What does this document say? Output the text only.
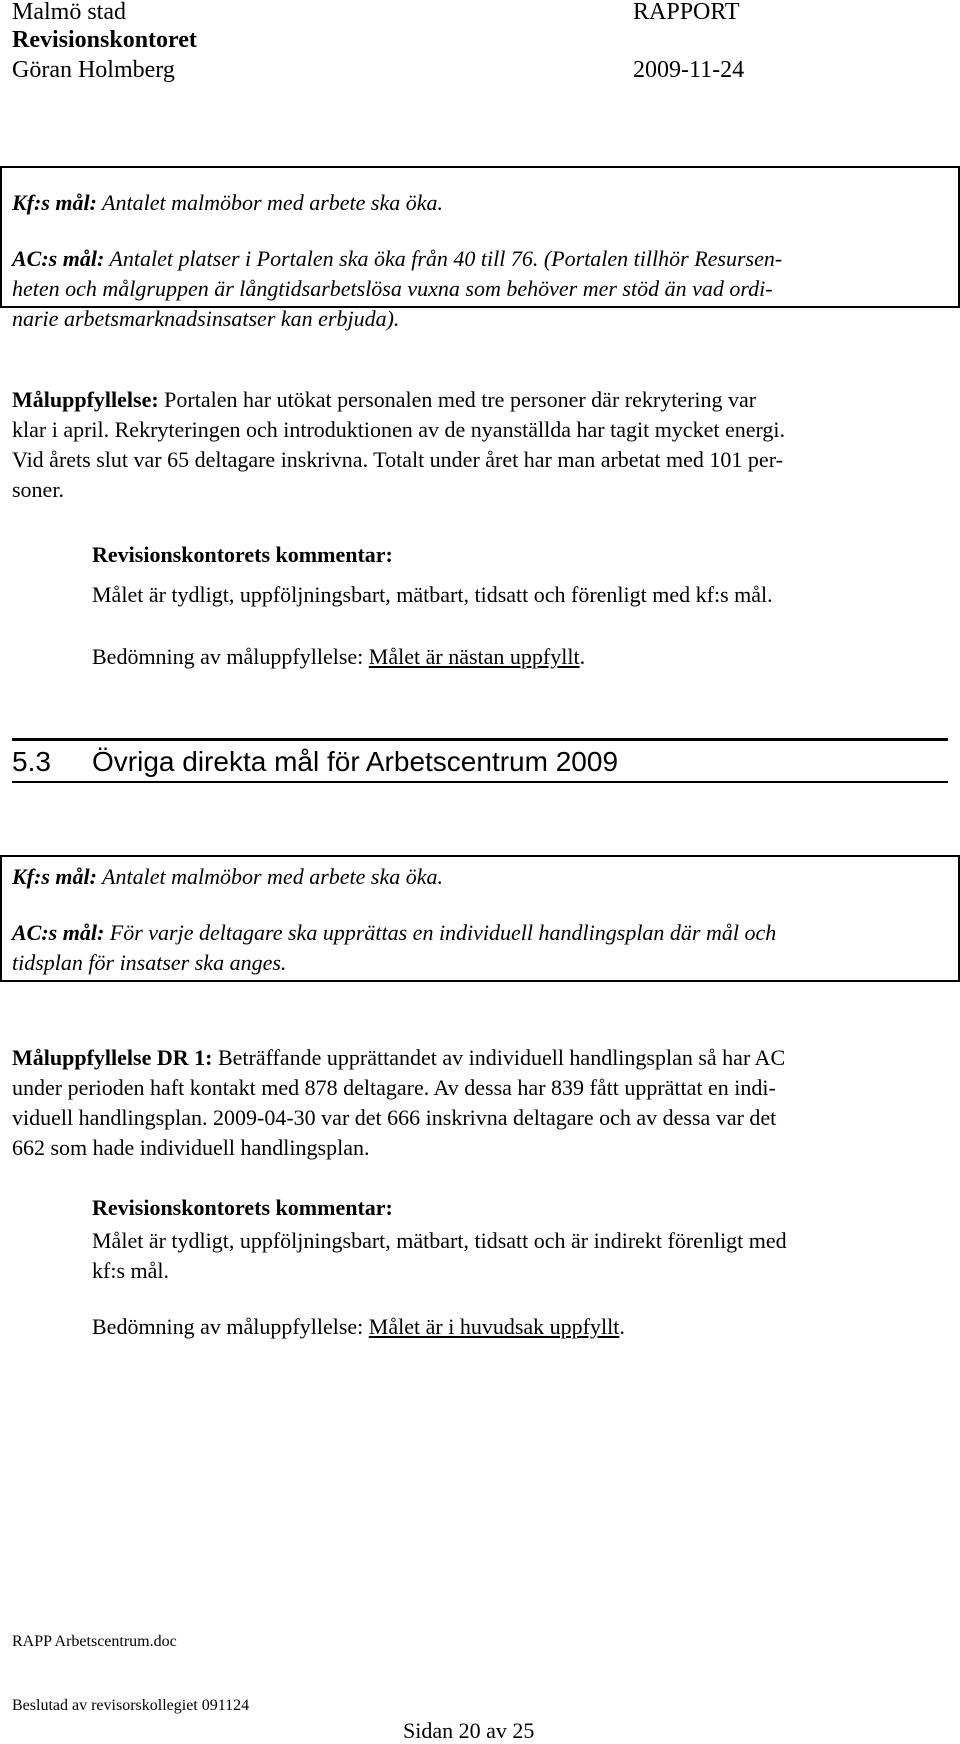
Malmö stad	RAPPORT
Revisionskontoret
Göran Holmberg	2009-11-24
Kf:s mål: Antalet malmöbor med arbete ska öka.
AC:s mål: Antalet platser i Portalen ska öka från 40 till 76. (Portalen tillhör Resursen-
heten och målgruppen är långtidsarbetslösa vuxna som behöver mer stöd än vad ordi-
narie arbetsmarknadsinsatser kan erbjuda).
Måluppfyllelse: Portalen har utökat personalen med tre personer där rekrytering var
klar i april. Rekryteringen och introduktionen av de nyanställda har tagit mycket energi.
Vid årets slut var 65 deltagare inskrivna. Totalt under året har man arbetat med 101 per-
soner.
Revisionskontorets kommentar:
Målet är tydligt, uppföljningsbart, mätbart, tidsatt och förenligt med kf:s mål.
Bedömning av måluppfyllelse: Målet är nästan uppfyllt.
5.3 Övriga direkta mål för Arbetscentrum 2009
Kf:s mål: Antalet malmöbor med arbete ska öka.
AC:s mål: För varje deltagare ska upprättas en individuell handlingsplan där mål och
tidsplan för insatser ska anges.
Måluppfyllelse DR 1: Beträffande upprättandet av individuell handlingsplan så har AC
under perioden haft kontakt med 878 deltagare. Av dessa har 839 fått upprättat en indi-
viduell handlingsplan. 2009-04-30 var det 666 inskrivna deltagare och av dessa var det
662 som hade individuell handlingsplan.
Revisionskontorets kommentar:
Målet är tydligt, uppföljningsbart, mätbart, tidsatt och är indirekt förenligt med
kf:s mål.
Bedömning av måluppfyllelse: Målet är i huvudsak uppfyllt.
RAPP Arbetscentrum.doc
Beslutad av revisorskollegiet 091124
Sidan 20 av 25
